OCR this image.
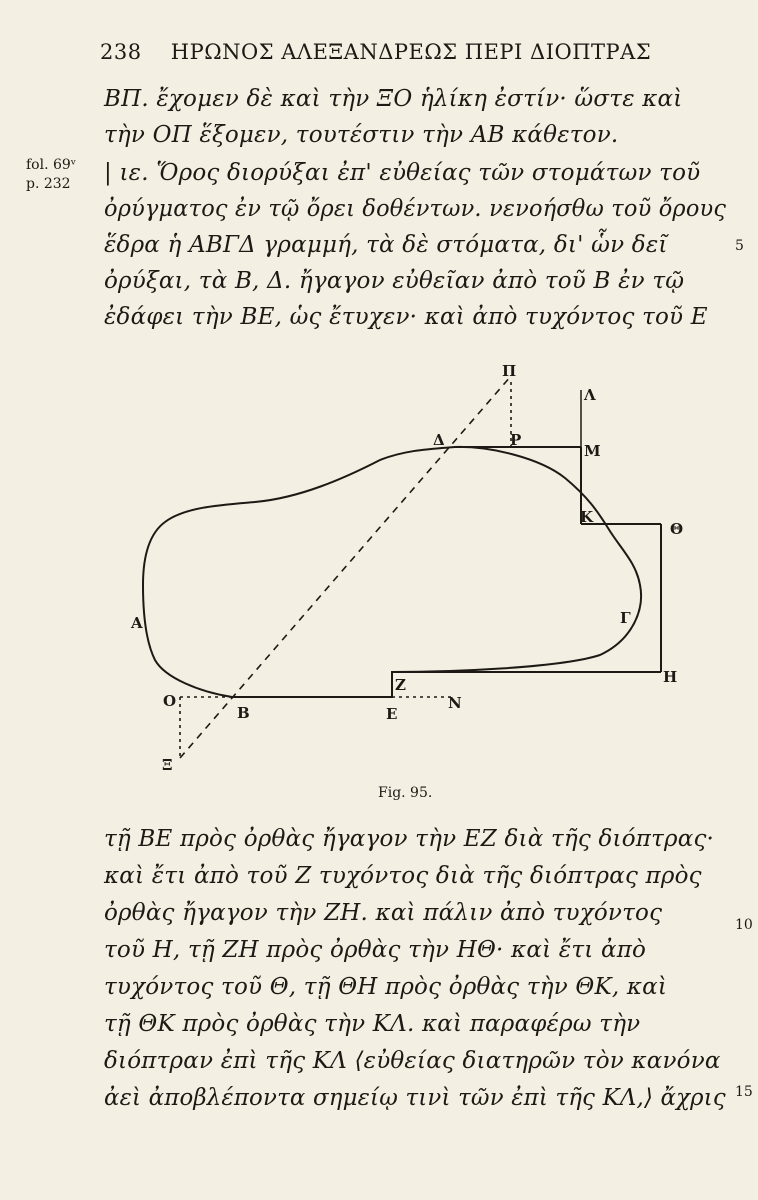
238 ΗΡΩΝΟΣ ΑΛΕΞΑΝΔΡΕΩΣ ΠΕΡΙ ΔΙΟΠΤΡΑΣ
fol. 69ᵛ
p. 232
ΒΠ. ἔχομεν δὲ καὶ τὴν ΞΟ ἡλίκη ἐστίν· ὥστε καὶ
τὴν ΟΠ ἕξομεν, τουτέστιν τὴν ΑΒ κάθετον.
| ιε. Ὅρος διορύξαι ἐπ' εὐθείας τῶν στομάτων τοῦ
ὀρύγματος ἐν τῷ ὄρει δοθέντων. νενοήσθω τοῦ ὄρους
ἕδρα ἡ ΑΒΓΔ γραμμή, τὰ δὲ στόματα, δι' ὧν δεῖ
ὀρύξαι, τὰ Β, Δ. ἤγαγον εὐθεῖαν ἀπὸ τοῦ Β ἐν τῷ
ἐδάφει τὴν ΒΕ, ὡς ἔτυχεν· καὶ ἀπὸ τυχόντος τοῦ Ε
5
Π
Λ
Δ	Ρ
Μ
Κ
Θ
Α	Γ
Η
Ζ
Ν
Ε
Β
Ο
Ξ
Fig. 95.
τῇ ΒΕ πρὸς ὀρθὰς ἤγαγον τὴν ΕΖ διὰ τῆς διόπτρας·
καὶ ἔτι ἀπὸ τοῦ Ζ τυχόντος διὰ τῆς διόπτρας πρὸς
ὀρθὰς ἤγαγον τὴν ΖΗ. καὶ πάλιν ἀπὸ τυχόντος
τοῦ Η, τῇ ΖΗ πρὸς ὀρθὰς τὴν ΗΘ· καὶ ἔτι ἀπὸ
τυχόντος τοῦ Θ, τῇ ΘΗ πρὸς ὀρθὰς τὴν ΘΚ, καὶ
τῇ ΘΚ πρὸς ὀρθὰς τὴν ΚΛ. καὶ παραφέρω τὴν
διόπτραν ἐπὶ τῆς ΚΛ ⟨εὐθείας διατηρῶν τὸν κανόνα
ἀεὶ ἀποβλέποντα σημείῳ τινὶ τῶν ἐπὶ τῆς ΚΛ,⟩ ἄχρις
10
15
